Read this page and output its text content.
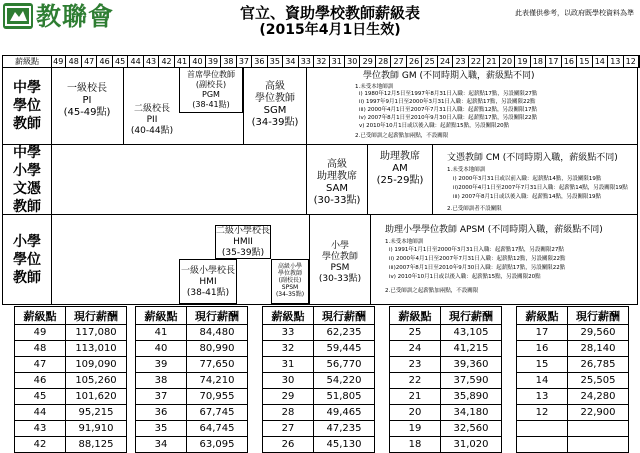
教聯會	官立、資助學校教師薪級表
(2015年4月1日生效)
此表僅供參考，以政府既學校資料為準
薪級點	49 48 47 46 45 44 43 42 41 40 39 38 37 36 35 34 33 32 31 30 29 28 27 26 25 24 23 22 21 20 19 18 17 16 15 14 13 12
中學
學位
教師
一級校長
PI
(45-49點)	二級校長
PII
(40-44點)
首席學位教師
(副校長)
PGM
(38-41點)
高級
學位教師
SGM
(34-39點)
學位教師 GM (不同時期入職，薪級點不同)
1.未受本地師訓
i) 1980年12月5日至1997年8月31日入職：起薪點17點，另設關限27點
ii) 1997年9月1日至2000年3月31日入職：起薪點17點，另設關限22點
iii) 2000年4月1日至2007年7月31日入職：起薪點12點，另設關限17點
iv) 2007年8月1日至2010年9月30日入職：起薪點17點，另設關限22點
v) 2010年10月1日或以後入職：起薪點15點，另設關限20點
2.已受師訓之起薪點加兩點，不設關限
中學
小學
文憑
教師
高級
助理教席
SAM
(30-33點)
助理教席
AM
(25-29點)
文憑教師 CM (不同時期入職，薪級點不同)
1.未受本地師訓
i) 2000年3月31日或以前入職：起薪點14點，另設關限19點
ii)2000年4月1日至2007年7月31日入職：起薪點14點，另設關限19點
iii) 2007年8月1日或以後入職：起薪點14點，另設關限19點
2.已受師訓者不設關限
小學
學位
教師
二級小學校長
HMII
(35-39點)
一級小學校長
HMI
(38-41點)
高級小學
學位教師
(副校長)
SPSM
(34-35點)
小學
學位教師
PSM
(30-33點)
助理小學學位教師 APSM (不同時期入職，薪級點不同)
1.未受本地師訓
i) 1991年1月1日至2000年3月31日入職：起薪點17點，另設關限27點
ii) 2000年4月1日至2007年7月31日入職：起薪點12點，另設關限22點
iii)2007年8月1日至2010年9月30日入職：起薪點17點，另設關限22點
iv) 2010年10月1日或以後入職：起薪點15點，另設關限20點
2.已受師訓之起薪點加兩點，不設關限
薪級點	現行薪酬
49	117,080
48	113,010
47	109,090
46	105,260
45	101,620
44	95,215
43	91,910
42	88,125
薪級點	現行薪酬
41	84,480
40	80,990
39	77,650
38	74,210
37	70,955
36	67,745
35	64,745
34	63,095
薪級點	現行薪酬
33	62,235
32	59,445
31	56,770
30	54,220
29	51,805
28	49,465
27	47,235
26	45,130
薪級點	現行薪酬
25	43,105
24	41,215
23	39,360
22	37,590
21	35,890
20	34,180
19	32,560
18	31,020
薪級點	現行薪酬
17	29,560
16	28,140
15	26,785
14	25,505
13	24,280
12	22,900
